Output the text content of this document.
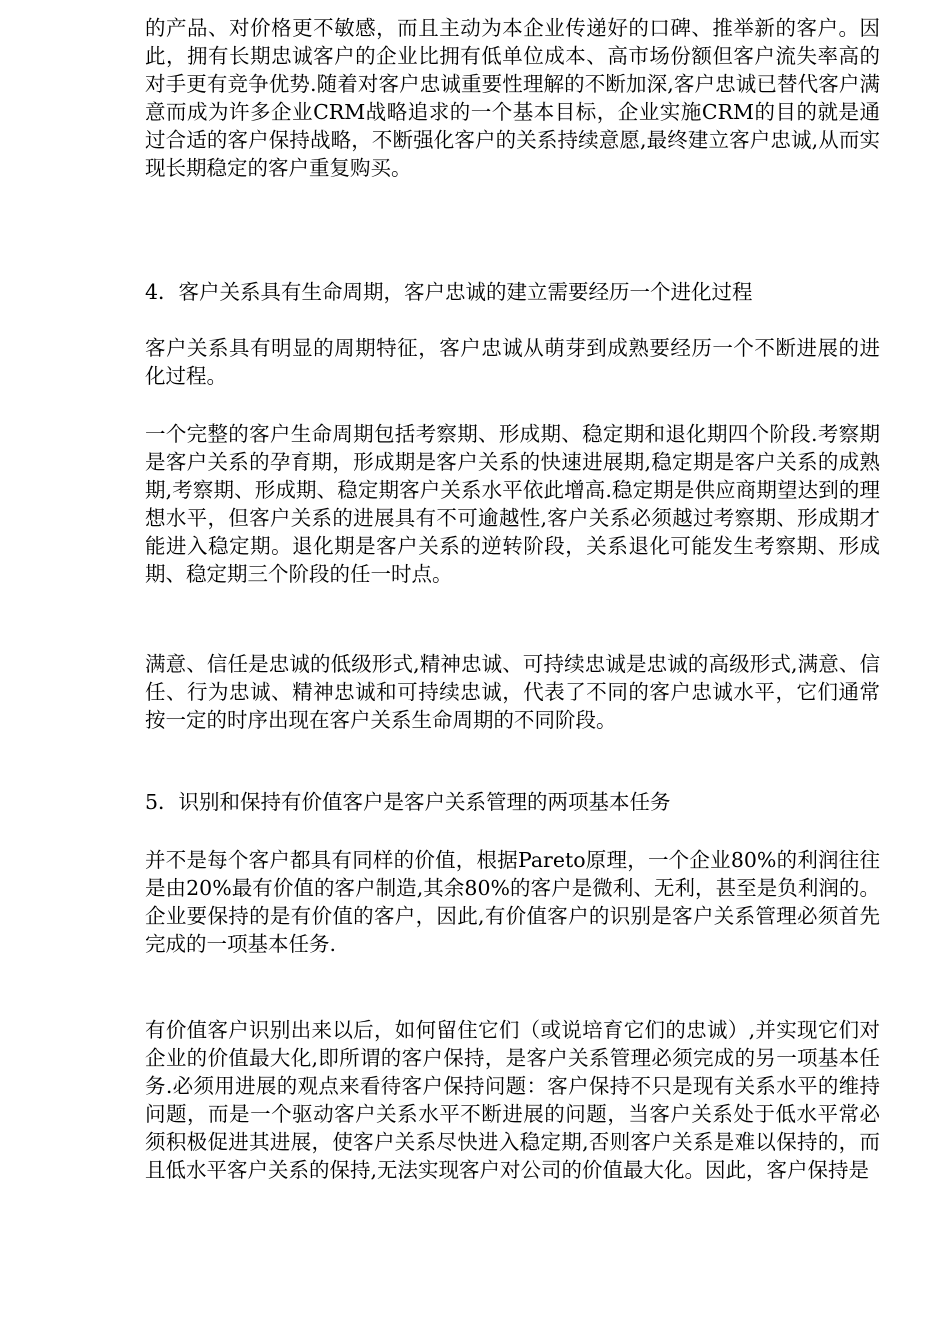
的产品、对价格更不敏感，而且主动为本企业传递好的口碑、推举新的客户。因此，拥有长期忠诚客户的企业比拥有低单位成本、高市场份额但客户流失率高的对手更有竞争优势.随着对客户忠诚重要性理解的不断加深,客户忠诚已替代客户满意而成为许多企业CRM战略追求的一个基本目标，企业实施CRM的目的就是通过合适的客户保持战略，不断强化客户的关系持续意愿,最终建立客户忠诚,从而实现长期稳定的客户重复购买。

4．客户关系具有生命周期，客户忠诚的建立需要经历一个进化过程

客户关系具有明显的周期特征，客户忠诚从萌芽到成熟要经历一个不断进展的进化过程。

一个完整的客户生命周期包括考察期、形成期、稳定期和退化期四个阶段.考察期是客户关系的孕育期，形成期是客户关系的快速进展期,稳定期是客户关系的成熟期,考察期、形成期、稳定期客户关系水平依此增高.稳定期是供应商期望达到的理想水平，但客户关系的进展具有不可逾越性,客户关系必须越过考察期、形成期才能进入稳定期。退化期是客户关系的逆转阶段，关系退化可能发生考察期、形成期、稳定期三个阶段的任一时点。

满意、信任是忠诚的低级形式,精神忠诚、可持续忠诚是忠诚的高级形式,满意、信任、行为忠诚、精神忠诚和可持续忠诚，代表了不同的客户忠诚水平，它们通常按一定的时序出现在客户关系生命周期的不同阶段。

5．识别和保持有价值客户是客户关系管理的两项基本任务

并不是每个客户都具有同样的价值，根据Pareto原理，一个企业80%的利润往往是由20%最有价值的客户制造,其余80%的客户是微利、无利，甚至是负利润的。企业要保持的是有价值的客户，因此,有价值客户的识别是客户关系管理必须首先完成的一项基本任务.

有价值客户识别出来以后，如何留住它们（或说培育它们的忠诚）,并实现它们对企业的价值最大化,即所谓的客户保持，是客户关系管理必须完成的另一项基本任务.必须用进展的观点来看待客户保持问题：客户保持不只是现有关系水平的维持问题，而是一个驱动客户关系水平不断进展的问题，当客户关系处于低水平常必须积极促进其进展，使客户关系尽快进入稳定期,否则客户关系是难以保持的，而且低水平客户关系的保持,无法实现客户对公司的价值最大化。因此，客户保持是
